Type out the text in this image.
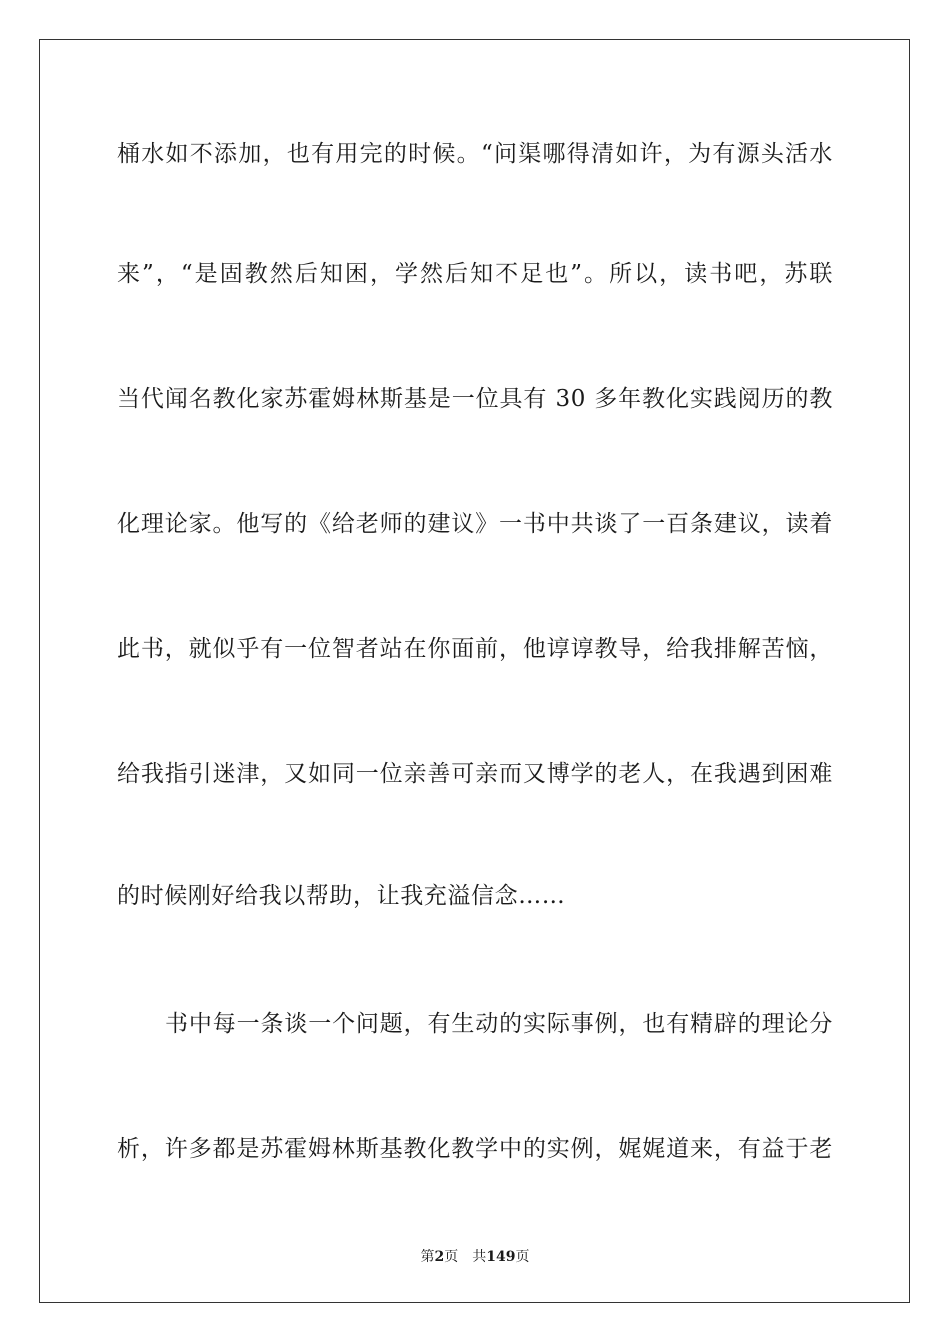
桶水如不添加，也有用完的时候。“问渠哪得清如许，为有源头活水
来”，“是固教然后知困，学然后知不足也”。所以，读书吧，苏联
当代闻名教化家苏霍姆林斯基是一位具有 30 多年教化实践阅历的教
化理论家。他写的《给老师的建议》一书中共谈了一百条建议，读着
此书，就似乎有一位智者站在你面前，他谆谆教导，给我排解苦恼，
给我指引迷津，又如同一位亲善可亲而又博学的老人，在我遇到困难
的时候刚好给我以帮助，让我充溢信念……
书中每一条谈一个问题，有生动的实际事例，也有精辟的理论分
析，许多都是苏霍姆林斯基教化教学中的实例，娓娓道来，有益于老
第2页 共149页
